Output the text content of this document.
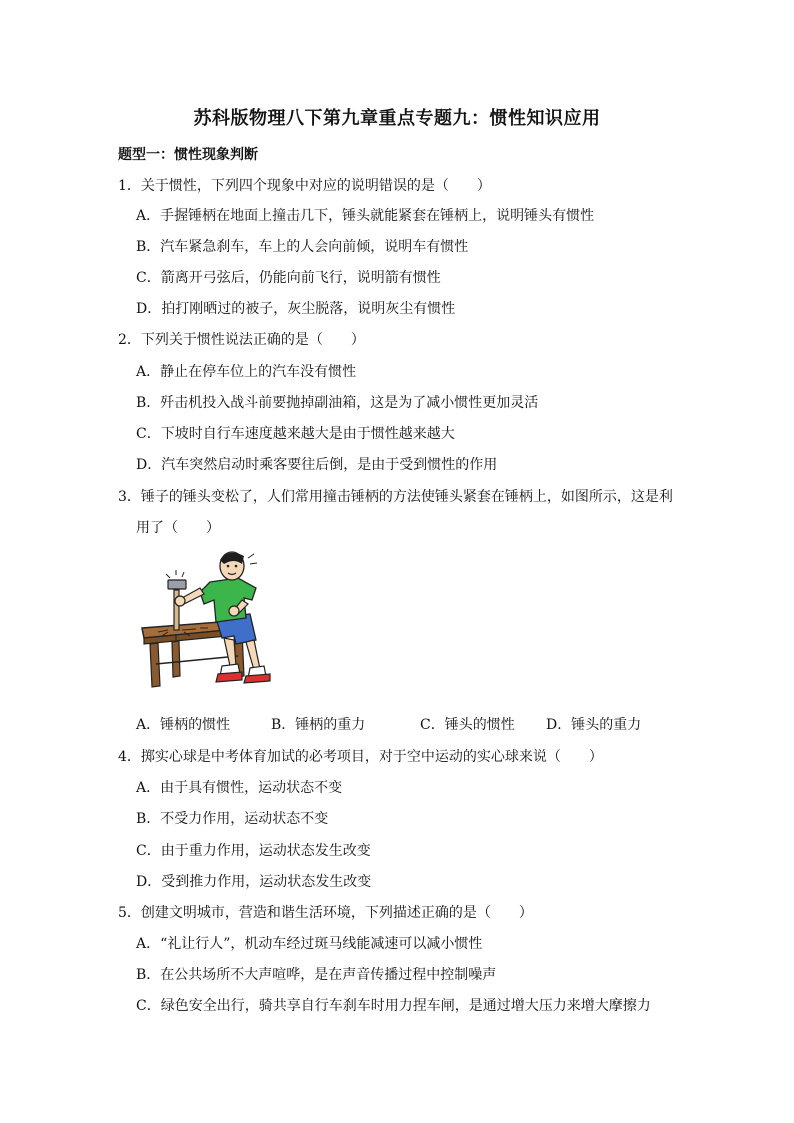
苏科版物理八下第九章重点专题九：惯性知识应用
题型一：惯性现象判断
1．关于惯性，下列四个现象中对应的说明错误的是（　　）
A．手握锤柄在地面上撞击几下，锤头就能紧套在锤柄上，说明锤头有惯性
B．汽车紧急刹车，车上的人会向前倾，说明车有惯性
C．箭离开弓弦后，仍能向前飞行，说明箭有惯性
D．拍打刚晒过的被子，灰尘脱落，说明灰尘有惯性
2．下列关于惯性说法正确的是（　　）
A．静止在停车位上的汽车没有惯性
B．歼击机投入战斗前要抛掉副油箱，这是为了减小惯性更加灵活
C．下坡时自行车速度越来越大是由于惯性越来越大
D．汽车突然启动时乘客要往后倒，是由于受到惯性的作用
3．锤子的锤头变松了，人们常用撞击锤柄的方法使锤头紧套在锤柄上，如图所示，这是利
用了（　　）
A．锤柄的惯性	B．锤柄的重力	C．锤头的惯性 D．锤头的重力
4．掷实心球是中考体育加试的必考项目，对于空中运动的实心球来说（　　）
A．由于具有惯性，运动状态不变
B．不受力作用，运动状态不变
C．由于重力作用，运动状态发生改变
D．受到推力作用，运动状态发生改变
5．创建文明城市，营造和谐生活环境，下列描述正确的是（　　）
A．“礼让行人”，机动车经过斑马线能减速可以减小惯性
B．在公共场所不大声喧哗，是在声音传播过程中控制噪声
C．绿色安全出行，骑共享自行车刹车时用力捏车闸，是通过增大压力来增大摩擦力
